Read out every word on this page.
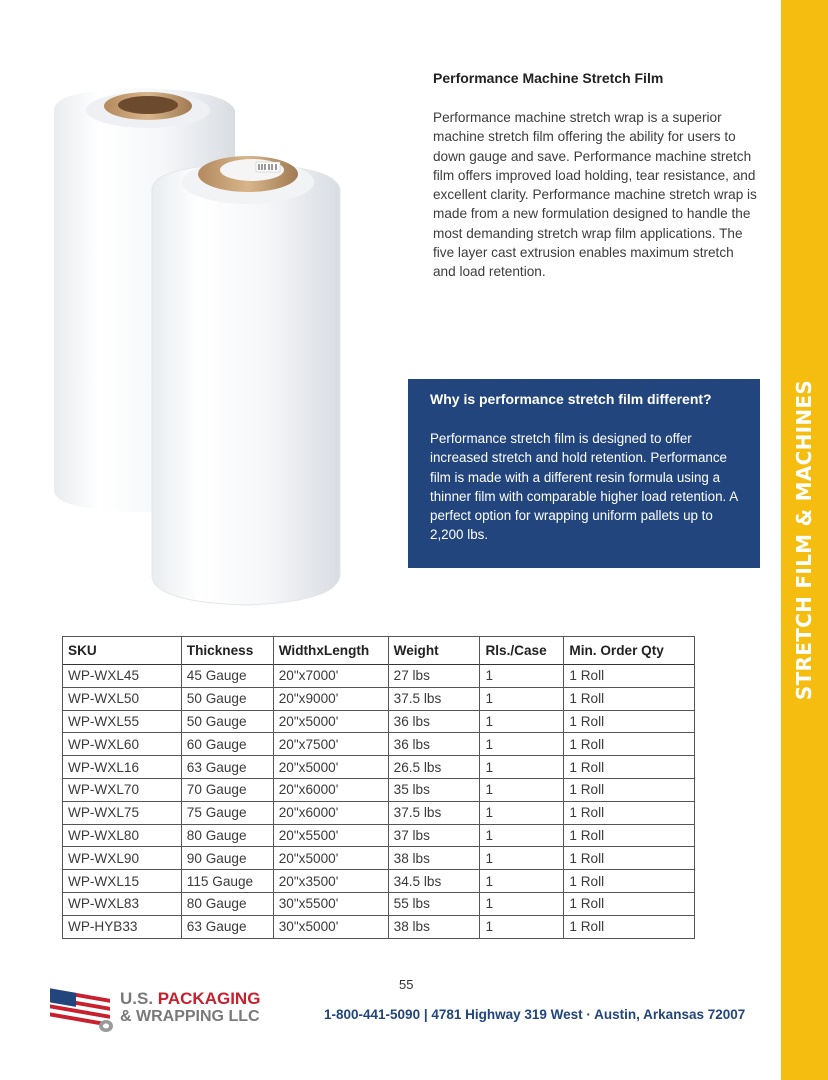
STRETCH FILM & MACHINES
Performance Machine Stretch Film

Performance machine stretch wrap is a superior machine stretch film offering the ability for users to down gauge and save. Performance machine stretch film offers improved load holding, tear resistance, and excellent clarity. Performance machine stretch wrap is made from a new formulation designed to handle the most demanding stretch wrap film applications. The five layer cast extrusion enables maximum stretch and load retention.

Why is performance stretch film different?

Performance stretch film is designed to offer increased stretch and hold retention. Performance film is made with a different resin formula using a thinner film with comparable higher load retention. A perfect option for wrapping uniform pallets up to 2,200 lbs.

SKU	Thickness	WidthxLength	Weight	Rls./Case	Min. Order Qty
WP-WXL45	45 Gauge	20"x7000'	27 lbs	1	1 Roll
WP-WXL50	50 Gauge	20"x9000'	37.5 lbs	1	1 Roll
WP-WXL55	50 Gauge	20"x5000'	36 lbs	1	1 Roll
WP-WXL60	60 Gauge	20"x7500'	36 lbs	1	1 Roll
WP-WXL16	63 Gauge	20"x5000'	26.5 lbs	1	1 Roll
WP-WXL70	70 Gauge	20"x6000'	35 lbs	1	1 Roll
WP-WXL75	75 Gauge	20"x6000'	37.5 lbs	1	1 Roll
WP-WXL80	80 Gauge	20"x5500'	37 lbs	1	1 Roll
WP-WXL90	90 Gauge	20"x5000'	38 lbs	1	1 Roll
WP-WXL15	115 Gauge	20"x3500'	34.5 lbs	1	1 Roll
WP-WXL83	80 Gauge	30"x5500'	55 lbs	1	1 Roll
WP-HYB33	63 Gauge	30"x5000'	38 lbs	1	1 Roll
55
U.S. PACKAGING
& WRAPPING LLC	1-800-441-5090 | 4781 Highway 319 West · Austin, Arkansas 72007
